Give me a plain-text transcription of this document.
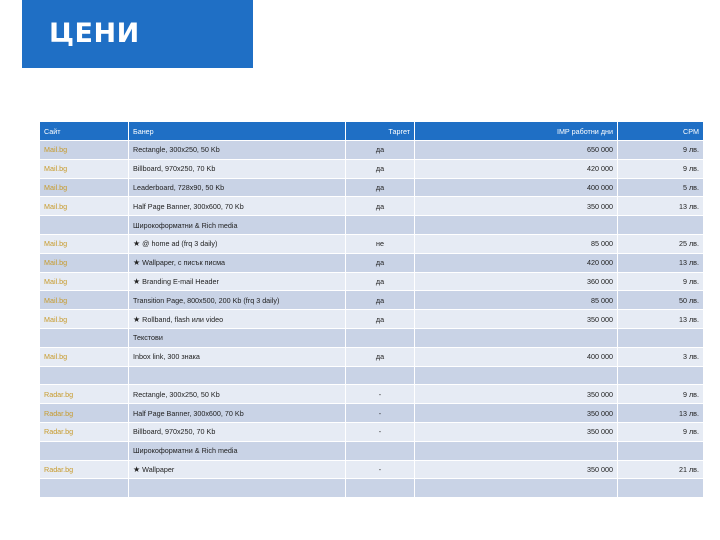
ЦЕНИ
Сайт	Банер	Таргет	IMP работни дни	CPM
Mail.bg	Rectangle, 300x250, 50 Kb	да	650 000	9 лв.
Mail.bg	Billboard, 970x250, 70 Kb	да	420 000	9 лв.
Mail.bg	Leaderboard, 728x90, 50 Kb	да	400 000	5 лв.
Mail.bg	Half Page Banner, 300x600, 70 Kb	да	350 000	13 лв.
	Широкоформатни & Rich media			
Mail.bg	★ @ home ad (frq 3 daily)	не	85 000	25 лв.
Mail.bg	★ Wallpaper, с писък писма	да	420 000	13 лв.
Mail.bg	★ Branding E-mail Header	да	360 000	9 лв.
Mail.bg	Transition Page, 800x500, 200 Kb (frq 3 daily)	да	85 000	50 лв.
Mail.bg	★ Rollband, flash или video	да	350 000	13 лв.
	Текстови			
Mail.bg	Inbox link, 300 знака	да	400 000	3 лв.

Radar.bg	Rectangle, 300x250, 50 Kb	-	350 000	9 лв.
Radar.bg	Half Page Banner, 300x600, 70 Kb	-	350 000	13 лв.
Radar.bg	Billboard, 970x250, 70 Kb	-	350 000	9 лв.
	Широкоформатни & Rich media			
Radar.bg	★ Wallpaper	-	350 000	21 лв.
